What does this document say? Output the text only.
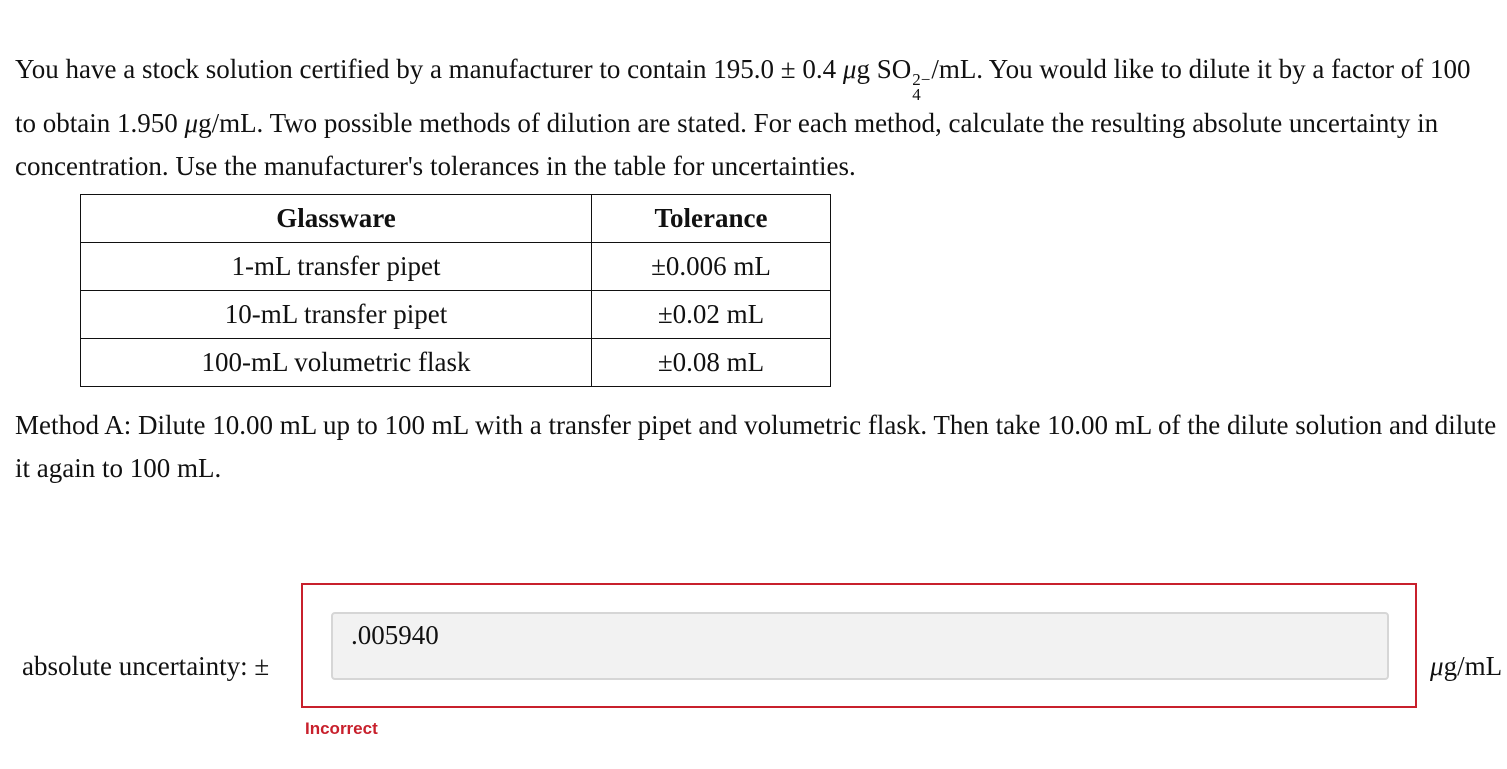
You have a stock solution certified by a manufacturer to contain 195.0 ± 0.4 μg SO 2−
4
/mL. You would like to dilute it by a factor of 100 to obtain 1.950 μg/mL. Two possible methods of dilution are stated. For each method, calculate the resulting absolute uncertainty in concentration. Use the manufacturer's tolerances in the table for uncertainties.

Glassware	Tolerance
1-mL transfer pipet	±0.006 mL
10-mL transfer pipet	±0.02 mL
100-mL volumetric flask	±0.08 mL

Method A: Dilute 10.00 mL up to 100 mL with a transfer pipet and volumetric flask. Then take 10.00 mL of the dilute solution and dilute it again to 100 mL.

absolute uncertainty: ±
.005940	μg/mL
Incorrect
